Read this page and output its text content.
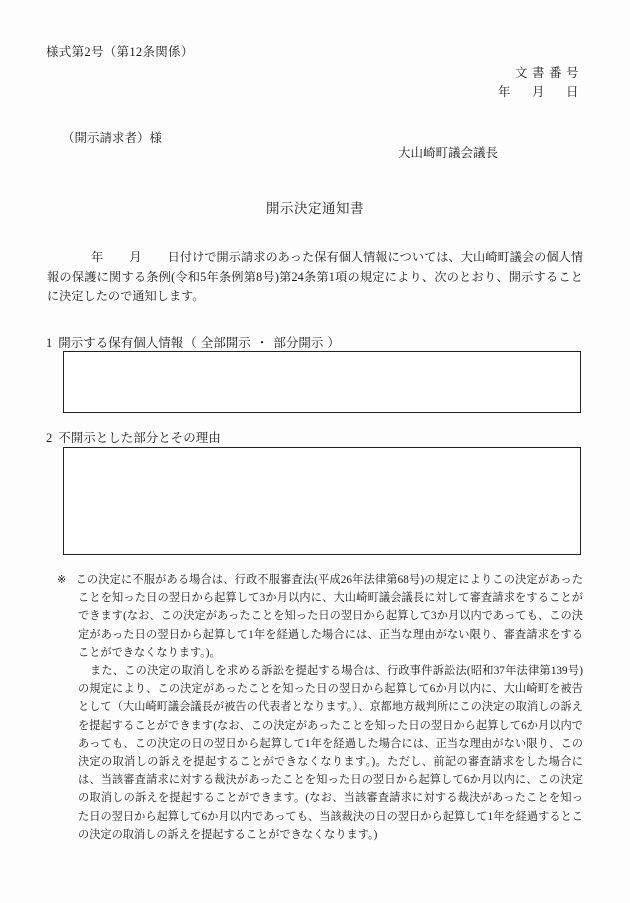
様式第2号（第12条関係）
文書番号
年　月　日
（開示請求者）様
大山崎町議会議長
開示決定通知書
年 月 日付けで開示請求のあった保有個人情報については、大山崎町議会の個人情報の保護に関する条例(令和5年条例第8号)第24条第1項の規定により、次のとおり、開示することに決定したので通知します。
1 開示する保有個人情報（ 全部開示 ・ 部分開示 ）
2 不開示とした部分とその理由

※ この決定に不服がある場合は、行政不服審査法(平成26年法律第68号)の規定によりこの決定があったことを知った日の翌日から起算して3か月以内に、大山崎町議会議長に対して審査請求をすることができます(なお、この決定があったことを知った日の翌日から起算して3か月以内であっても、この決定があった日の翌日から起算して1年を経過した場合には、正当な理由がない限り、審査請求をすることができなくなります。)。

また、この決定の取消しを求める訴訟を提起する場合は、行政事件訴訟法(昭和37年法律第139号)の規定により、この決定があったことを知った日の翌日から起算して6か月以内に、大山崎町を被告として（大山崎町議会議長が被告の代表者となります。）、京都地方裁判所にこの決定の取消しの訴えを提起することができます(なお、この決定があったことを知った日の翌日から起算して6か月以内であっても、この決定の日の翌日から起算して1年を経過した場合には、正当な理由がない限り、この決定の取消しの訴えを提起することができなくなります。)。ただし、前記の審査請求をした場合には、当該審査請求に対する裁決があったことを知った日の翌日から起算して6か月以内に、この決定の取消しの訴えを提起することができます。(なお、当該審査請求に対する裁決があったことを知った日の翌日から起算して6か月以内であっても、当該裁決の日の翌日から起算して1年を経過するとこの決定の取消しの訴えを提起することができなくなります。)
